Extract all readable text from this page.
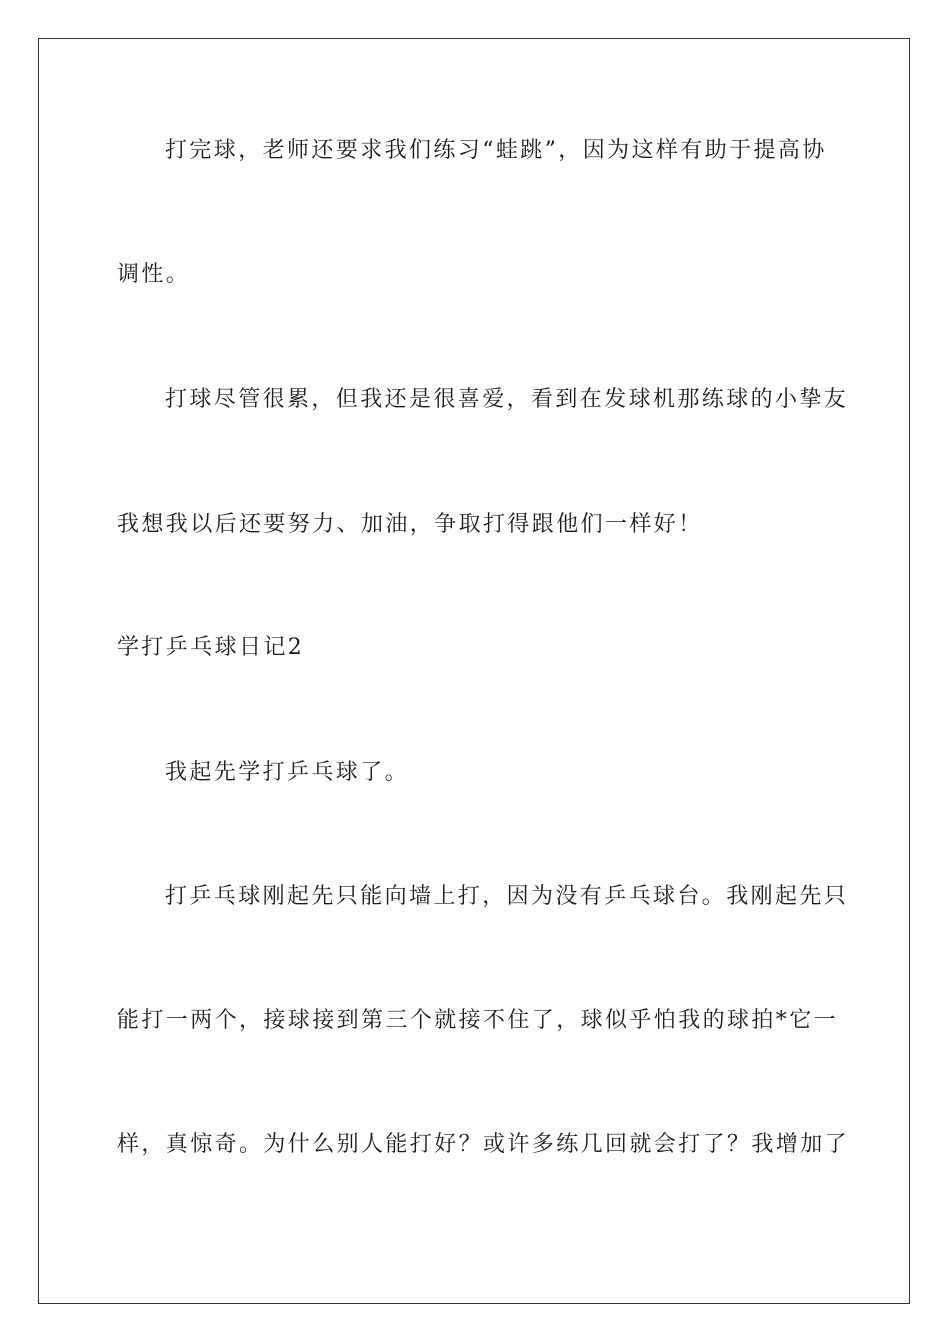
打完球，老师还要求我们练习“蛙跳”，因为这样有助于提高协
调性。
打球尽管很累，但我还是很喜爱，看到在发球机那练球的小挚友
我想我以后还要努力、加油，争取打得跟他们一样好！
学打乒乓球日记2
我起先学打乒乓球了。
打乒乓球刚起先只能向墙上打，因为没有乒乓球台。我刚起先只
能打一两个，接球接到第三个就接不住了，球似乎怕我的球拍*它一
样，真惊奇。为什么别人能打好？或许多练几回就会打了？我增加了
